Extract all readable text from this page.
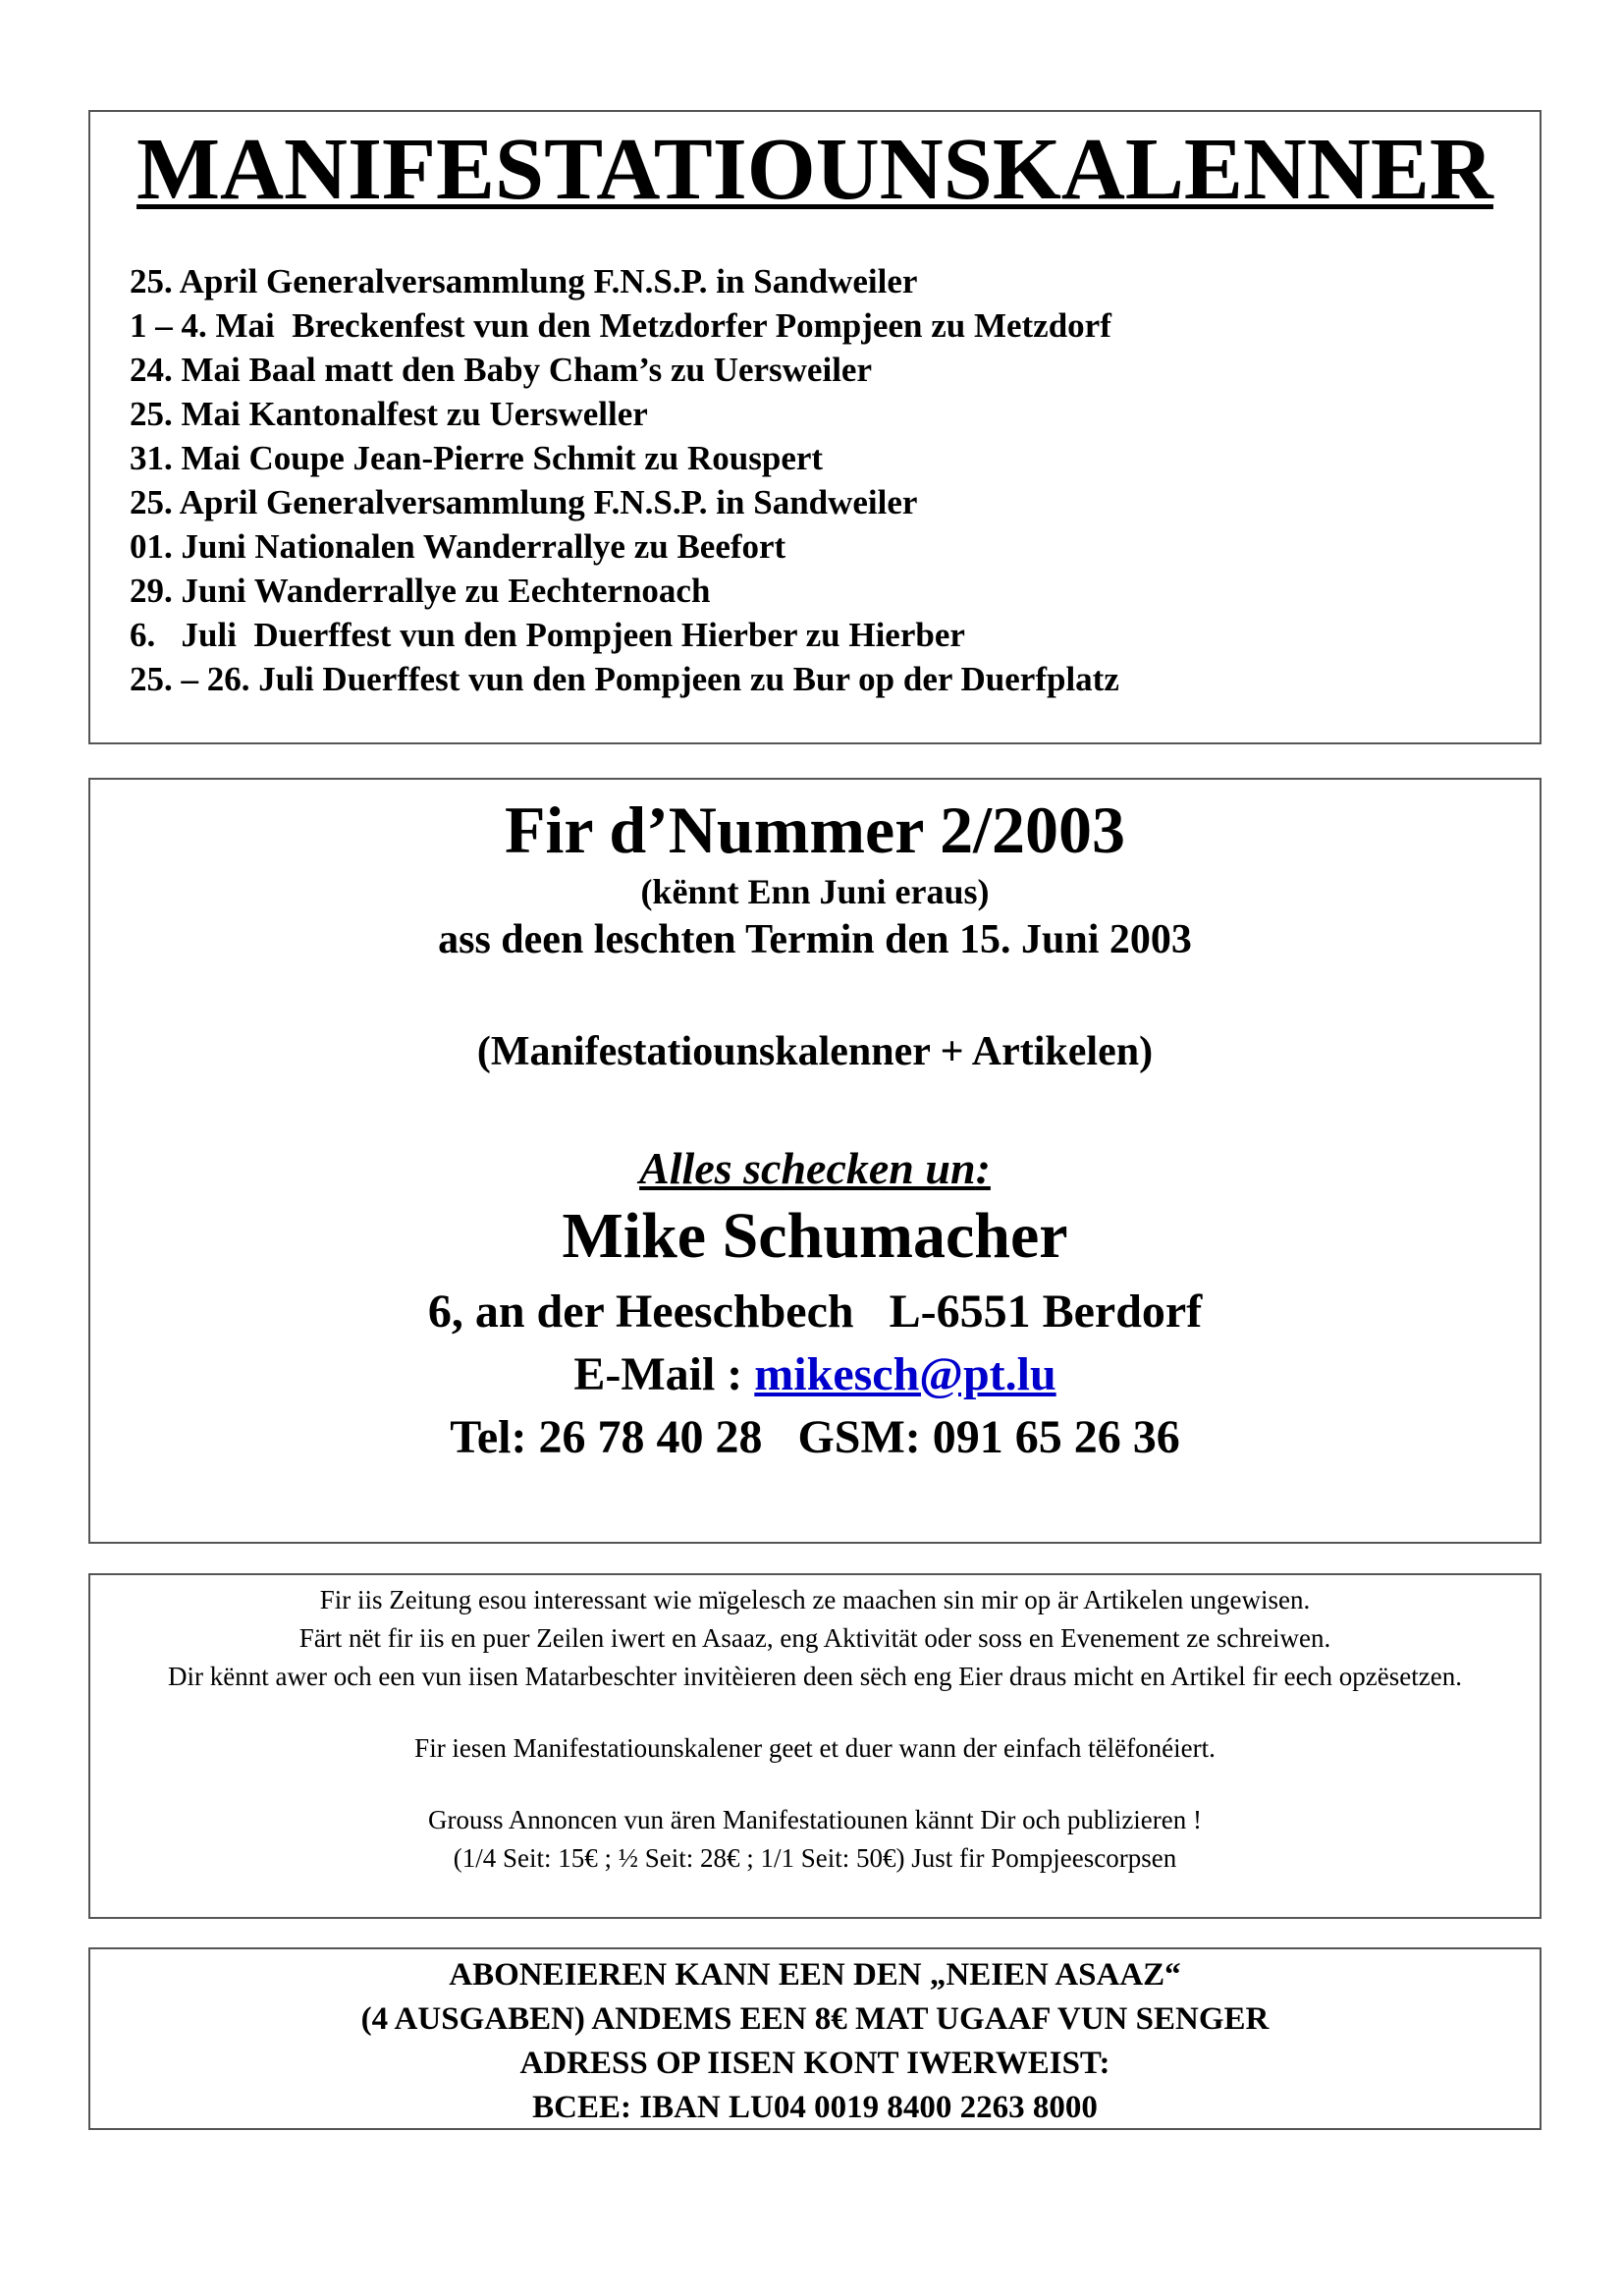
MANIFESTATIOUNSKALENNER
25. April Generalversammlung F.N.S.P. in Sandweiler
1 – 4. Mai  Breckenfest vun den Metzdorfer Pompjeen zu Metzdorf
24. Mai Baal matt den Baby Cham’s zu Uersweiler
25. Mai Kantonalfest zu Uersweller
31. Mai Coupe Jean-Pierre Schmit zu Rouspert
25. April Generalversammlung F.N.S.P. in Sandweiler
01. Juni Nationalen Wanderrallye zu Beefort
29. Juni Wanderrallye zu Eechternoach
6.   Juli  Duerffest vun den Pompjeen Hierber zu Hierber
25. – 26. Juli Duerffest vun den Pompjeen zu Bur op der Duerfplatz
Fir d’Nummer 2/2003
(kënnt Enn Juni eraus)
ass deen leschten Termin den 15. Juni 2003
(Manifestatiounskalenner + Artikelen)
Alles schecken un:
Mike Schumacher
6, an der Heeschbech   L-6551 Berdorf
E-Mail : mikesch@pt.lu
Tel: 26 78 40 28   GSM: 091 65 26 36

Fir iis Zeitung esou interessant wie mïgelesch ze maachen sin mir op är Artikelen ungewisen.

Färt nët fir iis en puer Zeilen iwert en Asaaz, eng Aktivität oder soss en Evenement ze schreiwen.

Dir kënnt awer och een vun iisen Matarbeschter invitèieren deen sëch eng Eier draus micht en Artikel fir eech opzësetzen.

Fir iesen Manifestatiounskalener geet et duer wann der einfach tëlëfonéiert.

Grouss Annoncen vun ären Manifestatiounen kännt Dir och publizieren !

(1/4 Seit: 15€ ; ½ Seit: 28€ ; 1/1 Seit: 50€) Just fir Pompjeescorpsen

ABONEIEREN KANN EEN DEN „NEIEN ASAAZ“

(4 AUSGABEN) ANDEMS EEN 8€ MAT UGAAF VUN SENGER

ADRESS OP IISEN KONT IWERWEIST:

BCEE: IBAN LU04 0019 8400 2263 8000
